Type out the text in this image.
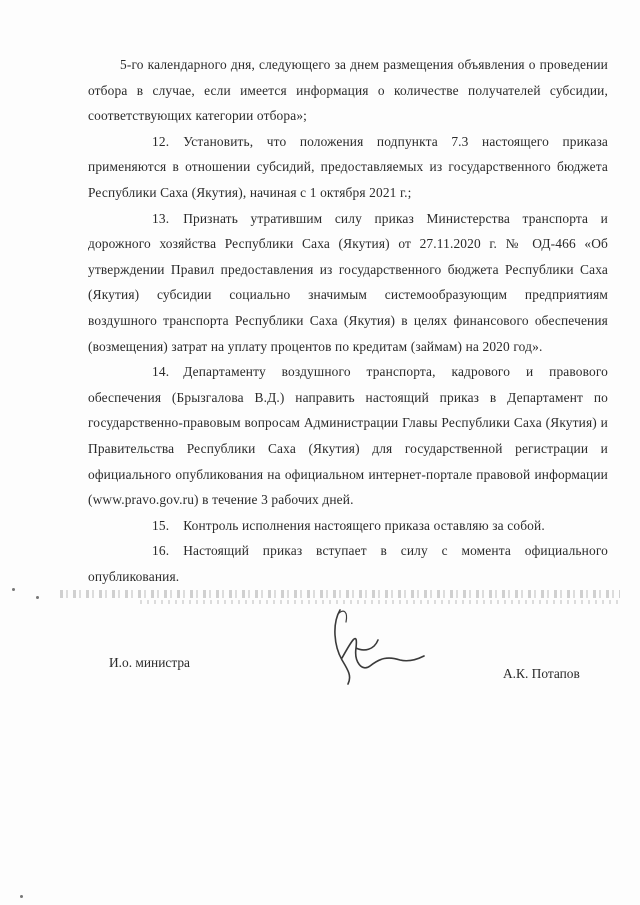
5-го календарного дня, следующего за днем размещения объявления о проведении отбора в случае, если имеется информация о количестве получателей субсидии, соответствующих категории отбора»;

12. Установить, что положения подпункта 7.3 настоящего приказа применяются в отношении субсидий, предоставляемых из государственного бюджета Республики Саха (Якутия), начиная с 1 октября 2021 г.;

13. Признать утратившим силу приказ Министерства транспорта и дорожного хозяйства Республики Саха (Якутия) от 27.11.2020 г. № ОД-466 «Об утверждении Правил предоставления из государственного бюджета Республики Саха (Якутия) субсидии социально значимым системообразующим предприятиям воздушного транспорта Республики Саха (Якутия) в целях финансового обеспечения (возмещения) затрат на уплату процентов по кредитам (займам) на 2020 год».

14. Департаменту воздушного транспорта, кадрового и правового обеспечения (Брызгалова В.Д.) направить настоящий приказ в Департамент по государственно-правовым вопросам Администрации Главы Республики Саха (Якутия) и Правительства Республики Саха (Якутия) для государственной регистрации и официального опубликования на официальном интернет-портале правовой информации (www.pravo.gov.ru) в течение 3 рабочих дней.

15. Контроль исполнения настоящего приказа оставляю за собой.

16. Настоящий приказ вступает в силу с момента официального опубликования.

И.о. министра
А.К. Потапов
